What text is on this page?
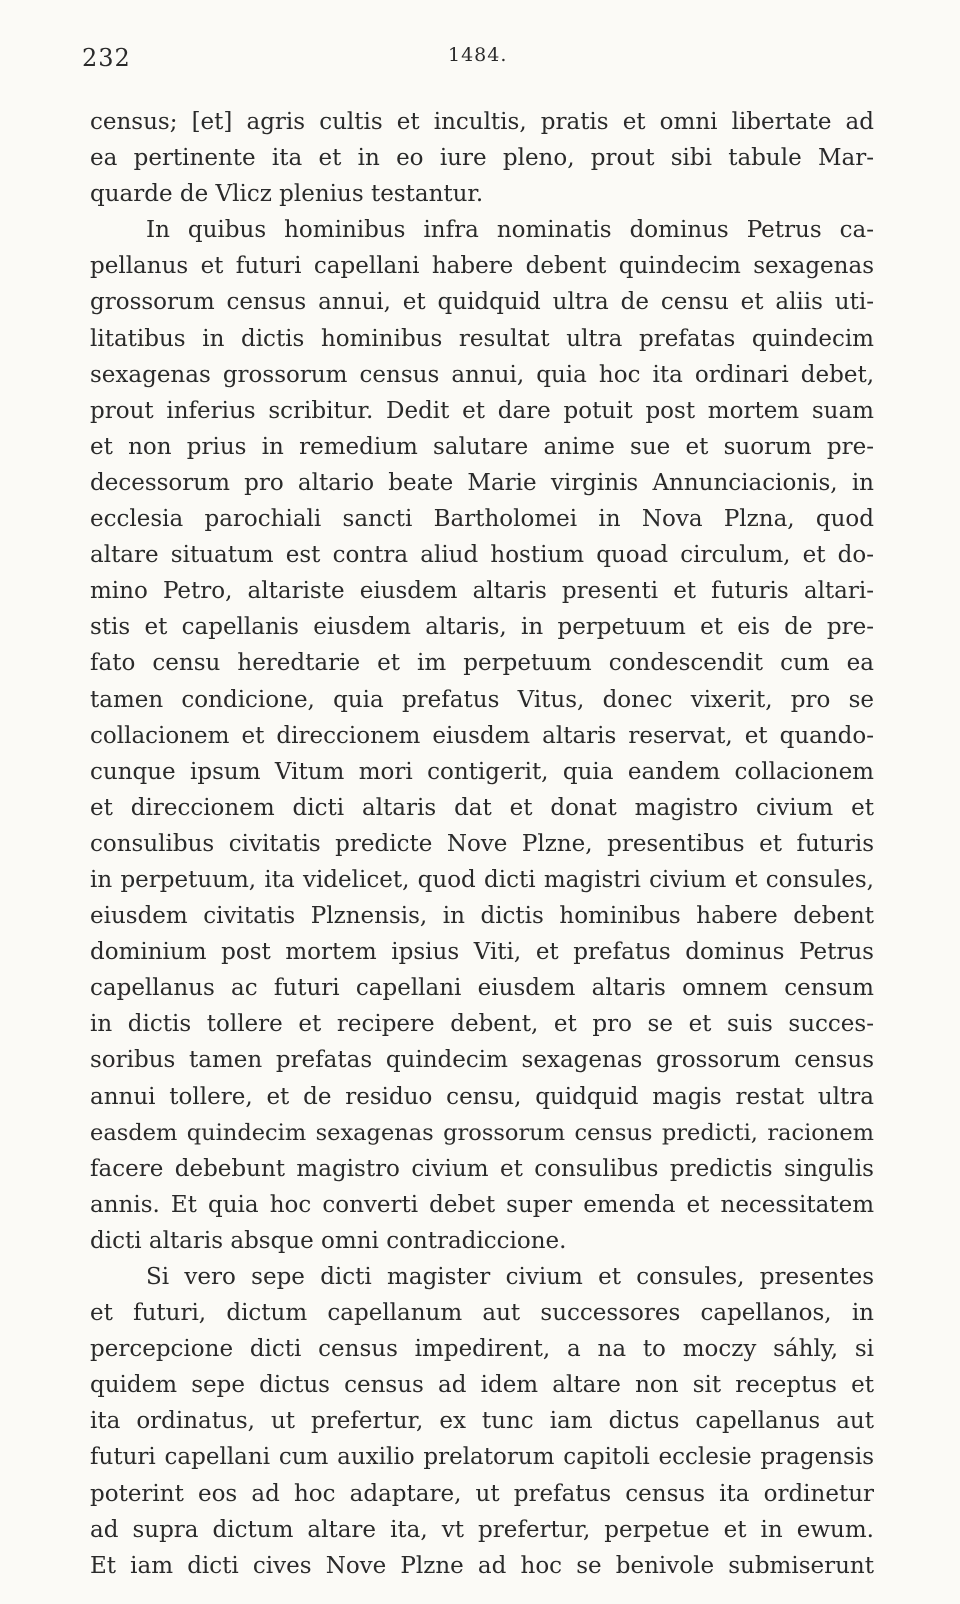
232	1484.
census; [et] agris cultis et incultis, pratis et omni libertate ad
ea pertinente ita et in eo iure pleno, prout sibi tabule Mar-
quarde de Vlicz plenius testantur.
In quibus hominibus infra nominatis dominus Petrus ca-
pellanus et futuri capellani habere debent quindecim sexagenas
grossorum census annui, et quidquid ultra de censu et aliis uti-
litatibus in dictis hominibus resultat ultra prefatas quindecim
sexagenas grossorum census annui, quia hoc ita ordinari debet,
prout inferius scribitur. Dedit et dare potuit post mortem suam
et non prius in remedium salutare anime sue et suorum pre-
decessorum pro altario beate Marie virginis Annunciacionis, in
ecclesia parochiali sancti Bartholomei in Nova Plzna, quod
altare situatum est contra aliud hostium quoad circulum, et do-
mino Petro, altariste eiusdem altaris presenti et futuris altari-
stis et capellanis eiusdem altaris, in perpetuum et eis de pre-
fato censu heredtarie et im perpetuum condescendit cum ea
tamen condicione, quia prefatus Vitus, donec vixerit, pro se
collacionem et direccionem eiusdem altaris reservat, et quando-
cunque ipsum Vitum mori contigerit, quia eandem collacionem
et direccionem dicti altaris dat et donat magistro civium et
consulibus civitatis predicte Nove Plzne, presentibus et futuris
in perpetuum, ita videlicet, quod dicti magistri civium et consules,
eiusdem civitatis Plznensis, in dictis hominibus habere debent
dominium post mortem ipsius Viti, et prefatus dominus Petrus
capellanus ac futuri capellani eiusdem altaris omnem censum
in dictis tollere et recipere debent, et pro se et suis succes-
soribus tamen prefatas quindecim sexagenas grossorum census
annui tollere, et de residuo censu, quidquid magis restat ultra
easdem quindecim sexagenas grossorum census predicti, racionem
facere debebunt magistro civium et consulibus predictis singulis
annis. Et quia hoc converti debet super emenda et necessitatem
dicti altaris absque omni contradiccione.
Si vero sepe dicti magister civium et consules, presentes
et futuri, dictum capellanum aut successores capellanos, in
percepcione dicti census impedirent, a na to moczy sáhly, si
quidem sepe dictus census ad idem altare non sit receptus et
ita ordinatus, ut prefertur, ex tunc iam dictus capellanus aut
futuri capellani cum auxilio prelatorum capitoli ecclesie pragensis
poterint eos ad hoc adaptare, ut prefatus census ita ordinetur
ad supra dictum altare ita, vt prefertur, perpetue et in ewum.
Et iam dicti cives Nove Plzne ad hoc se benivole submiserunt
